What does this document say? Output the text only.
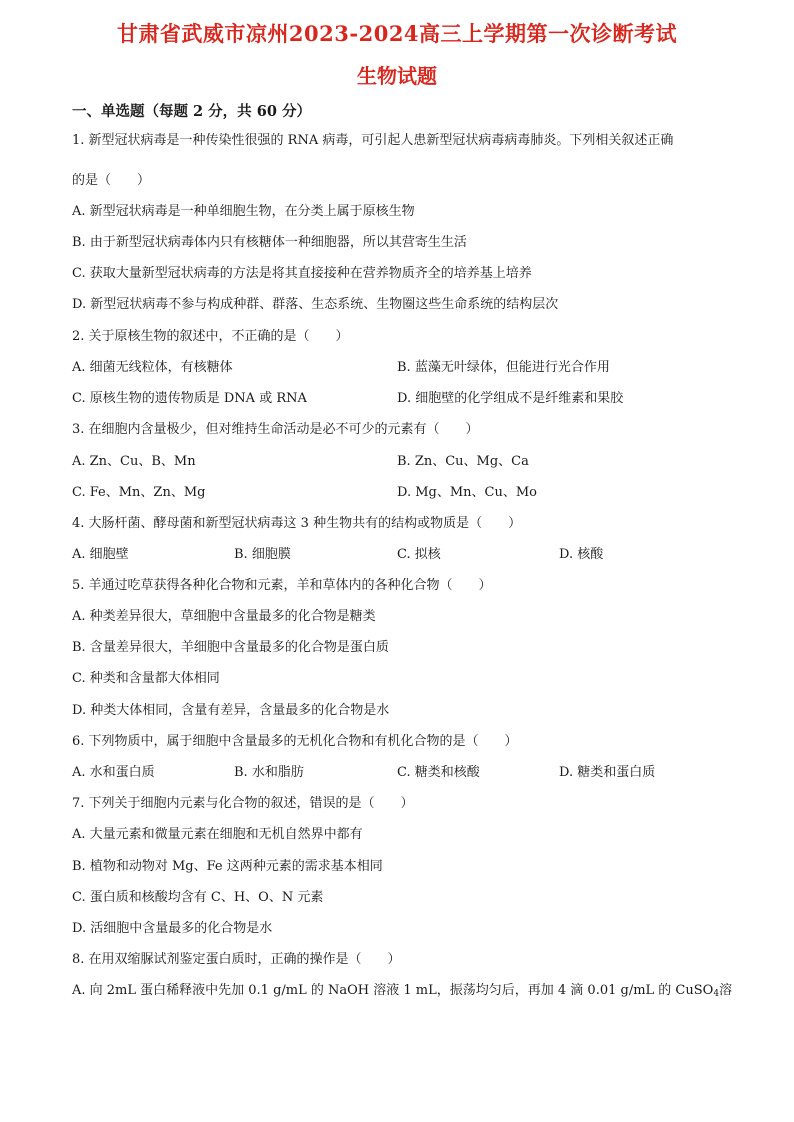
甘肃省武威市凉州2023-2024高三上学期第一次诊断考试
生物试题
一、单选题（每题 2 分，共 60 分）
1. 新型冠状病毒是一种传染性很强的 RNA 病毒，可引起人患新型冠状病毒病毒肺炎。下列相关叙述正确
的是（　　）
A. 新型冠状病毒是一种单细胞生物，在分类上属于原核生物
B. 由于新型冠状病毒体内只有核糖体一种细胞器，所以其营寄生生活
C. 获取大量新型冠状病毒的方法是将其直接接种在营养物质齐全的培养基上培养
D. 新型冠状病毒不参与构成种群、群落、生态系统、生物圈这些生命系统的结构层次
2. 关于原核生物的叙述中，不正确的是（　　）
A. 细菌无线粒体，有核糖体	B. 蓝藻无叶绿体，但能进行光合作用
C. 原核生物的遗传物质是 DNA 或 RNA	D. 细胞壁的化学组成不是纤维素和果胶
3. 在细胞内含量极少，但对维持生命活动是必不可少的元素有（　　）
A. Zn、Cu、B、Mn	B. Zn、Cu、Mg、Ca
C. Fe、Mn、Zn、Mg	D. Mg、Mn、Cu、Mo
4. 大肠杆菌、酵母菌和新型冠状病毒这 3 种生物共有的结构或物质是（　　）
A. 细胞壁	B. 细胞膜	C. 拟核	D. 核酸
5. 羊通过吃草获得各种化合物和元素，羊和草体内的各种化合物（　　）
A. 种类差异很大，草细胞中含量最多的化合物是糖类
B. 含量差异很大，羊细胞中含量最多的化合物是蛋白质
C. 种类和含量都大体相同
D. 种类大体相同，含量有差异，含量最多的化合物是水
6. 下列物质中，属于细胞中含量最多的无机化合物和有机化合物的是（　　）
A. 水和蛋白质	B. 水和脂肪	C. 糖类和核酸	D. 糖类和蛋白质
7. 下列关于细胞内元素与化合物的叙述，错误的是（　　）
A. 大量元素和微量元素在细胞和无机自然界中都有
B. 植物和动物对 Mg、Fe 这两种元素的需求基本相同
C. 蛋白质和核酸均含有 C、H、O、N 元素
D. 活细胞中含量最多的化合物是水
8. 在用双缩脲试剂鉴定蛋白质时，正确的操作是（　　）
A. 向 2mL 蛋白稀释液中先加 0.1 g/mL 的 NaOH 溶液 1 mL，振荡均匀后，再加 4 滴 0.01 g/mL 的 CuSO$_4$溶
